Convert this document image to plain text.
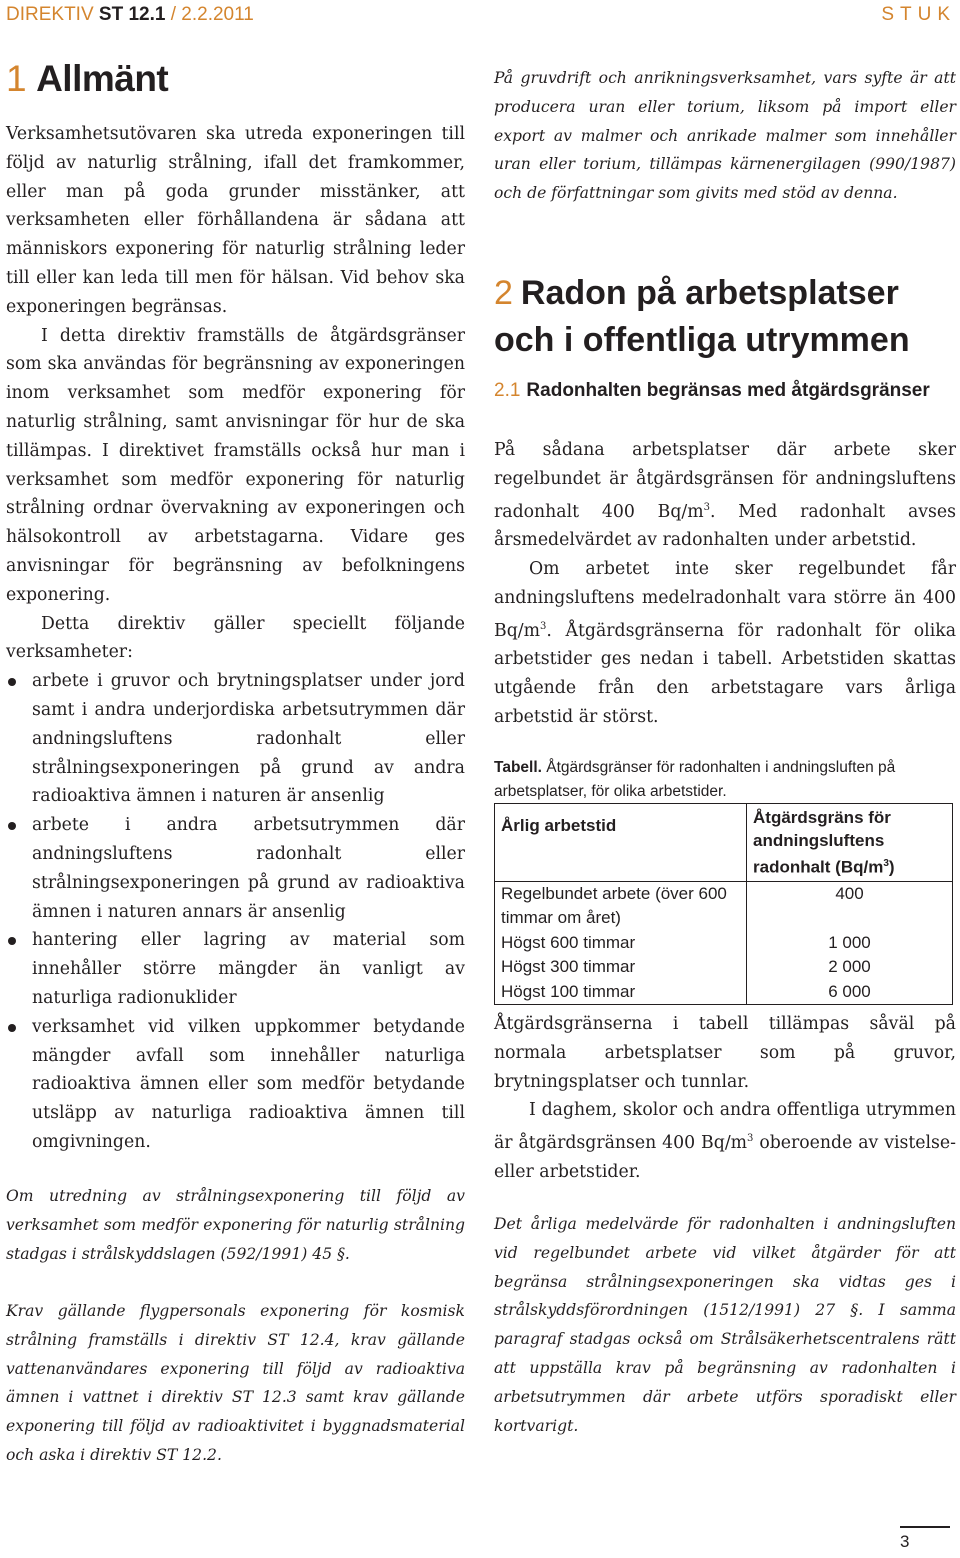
DIREKTIV ST 12.1 / 2.2.2011	STUK
1 Allmänt

Verksamhetsutövaren ska utreda exponeringen till följd av naturlig strålning, ifall det framkommer, eller man på goda grunder misstänker, att verksamheten eller förhållandena är sådana att människors exponering för naturlig strålning leder till eller kan leda till men för hälsan. Vid behov ska exponeringen begränsas.

I detta direktiv framställs de åtgärdsgränser som ska användas för begränsning av exponeringen inom verksamhet som medför exponering för naturlig strålning, samt anvisningar för hur de ska tillämpas. I direktivet framställs också hur man i verksamhet som medför exponering för naturlig strålning ordnar övervakning av exponeringen och hälsokontroll av arbetstagarna. Vidare ges anvisningar för begränsning av befolkningens exponering.

Detta direktiv gäller speciellt följande verksamheter:

arbete i gruvor och brytningsplatser under jord samt i andra underjordiska arbetsutrymmen där andningsluftens radonhalt eller strålningsexponeringen på grund av andra radioaktiva ämnen i naturen är ansenlig
arbete i andra arbetsutrymmen där andningsluftens radonhalt eller strålningsexponeringen på grund av radioaktiva ämnen i naturen annars är ansenlig
hantering eller lagring av material som innehåller större mängder än vanligt av naturliga radionuklider
verksamhet vid vilken uppkommer betydande mängder avfall som innehåller naturliga radioaktiva ämnen eller som medför betydande utsläpp av naturliga radioaktiva ämnen till omgivningen.
Om utredning av strålningsexponering till följd av verksamhet som medför exponering för naturlig strålning stadgas i strålskyddslagen (592/1991) 45 §.
Krav gällande flygpersonals exponering för kosmisk strålning framställs i direktiv ST 12.4, krav gällande vattenanvändares exponering till följd av radioaktiva ämnen i vattnet i direktiv ST 12.3 samt krav gällande exponering till följd av radioaktivitet i byggnadsmaterial och aska i direktiv ST 12.2.
På gruvdrift och anrikningsverksamhet, vars syfte är att producera uran eller torium, liksom på import eller export av malmer och anrikade malmer som innehåller uran eller torium, tillämpas kärnenergilagen (990/1987) och de författningar som givits med stöd av denna.
2 Radon på arbetsplatser och i offentliga utrymmen
2.1 Radonhalten begränsas med åtgärdsgränser

På sådana arbetsplatser där arbete sker regelbundet är åtgärdsgränsen för andningsluftens radonhalt 400 $Bq/m^3$. Med radonhalt avses årsmedelvärdet av radonhalten under arbetstid.

Om arbetet inte sker regelbundet får andningsluftens medelradonhalt vara större än 400 $Bq/m^3$. Åtgärdsgränserna för radonhalt för olika arbetstider ges nedan i tabell. Arbetstiden skattas utgående från den arbetstagare vars årliga arbetstid är störst.

Tabell. Åtgärdsgränser för radonhalten i andningsluften på arbetsplatser, för olika arbetstider.
Årlig arbetstid	Åtgärdsgräns för andningsluftens radonhalt $(Bq/m^3)$
Regelbundet arbete (över 600 timmar om året)	400
Högst 600 timmar	1 000
Högst 300 timmar	2 000
Högst 100 timmar	6 000

Åtgärdsgränserna i tabell tillämpas såväl på normala arbetsplatser som på gruvor, brytningsplatser och tunnlar.

I daghem, skolor och andra offentliga utrymmen är åtgärdsgränsen 400 $Bq/m^3$ oberoende av vistelse- eller arbetstider.

Det årliga medelvärde för radonhalten i andningsluften vid regelbundet arbete vid vilket åtgärder för att begränsa strålningsexponeringen ska vidtas ges i strålskyddsförordningen (1512/1991) 27 §. I samma paragraf stadgas också om Strålsäkerhetscentralens rätt att uppställa krav på begränsning av radonhalten i arbetsutrymmen där arbete utförs sporadiskt eller kortvarigt.
3
